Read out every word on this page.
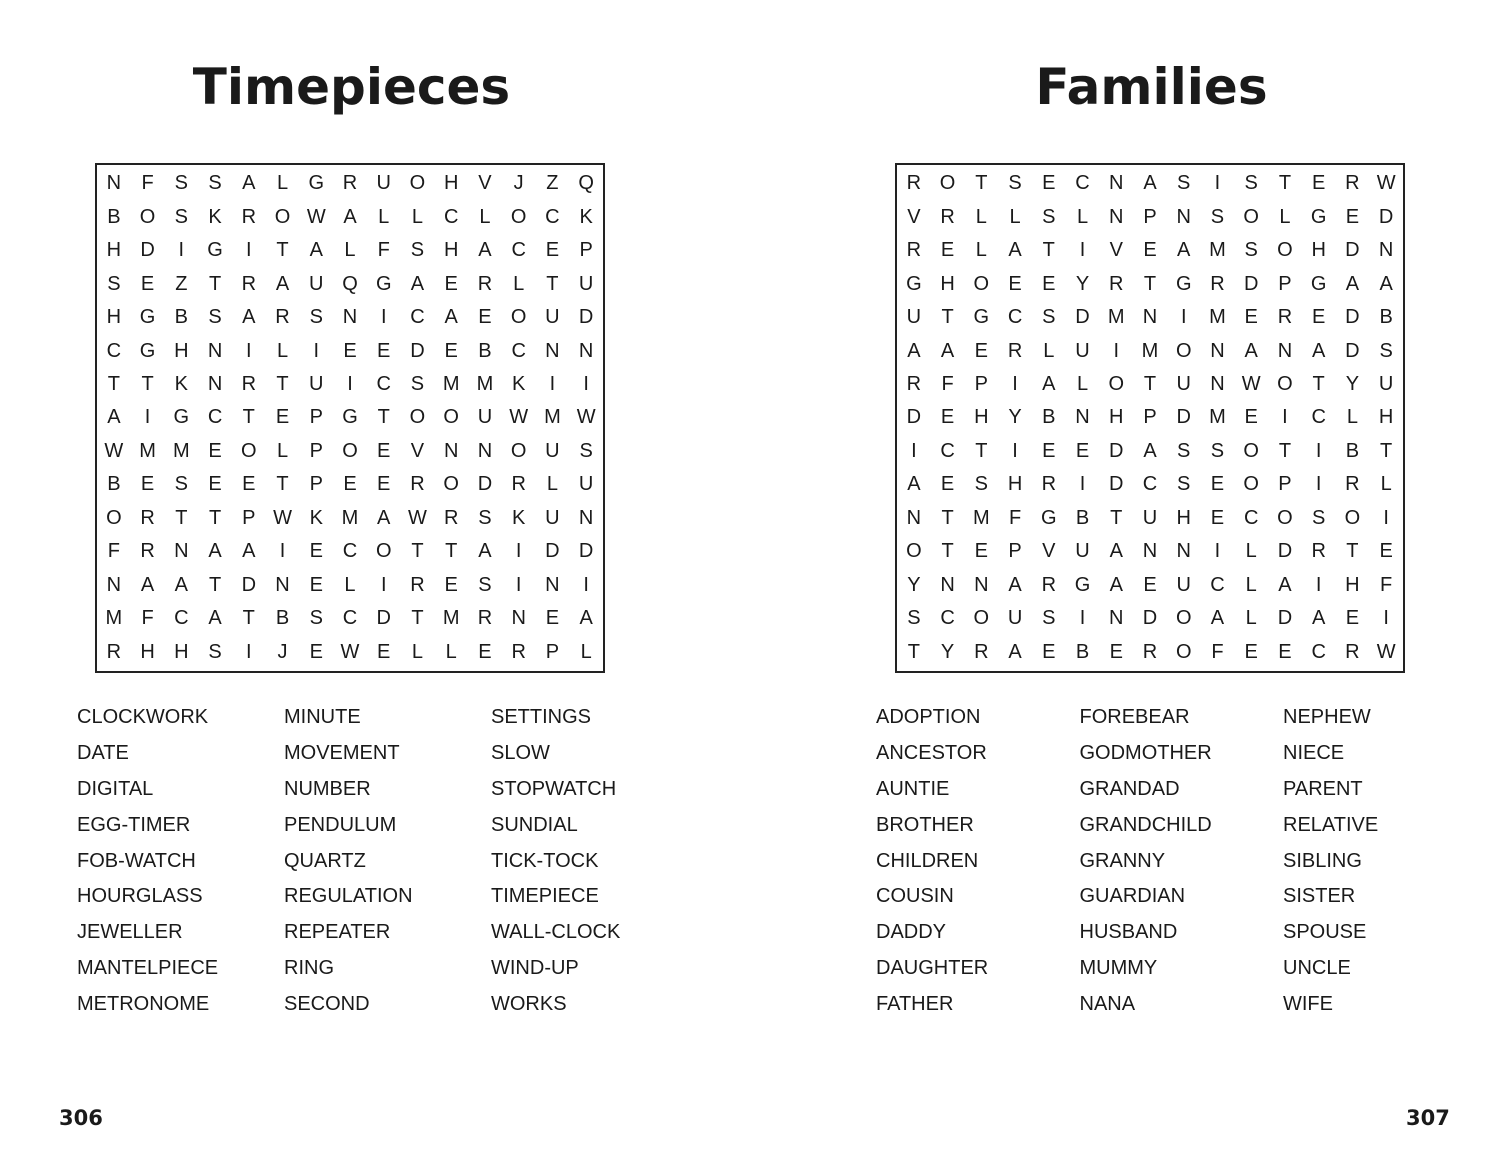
Timepieces
N	F	S	S	A	L	G R U O H V	J	Z Q
B O S	K R O W A	L	L	C	L	O C K
H D	I	G	I	T	A	L	F	S H A C E	P
S	E	Z	T	R A U Q G A	E R	L	T	U
H G B	S	A R S N	I	C A	E O U D
C G H N	I	L	I	E	E D E	B C N N
T	T	K N R	T	U	I	C S M M K	I	I
A	I	G C	T	E	P G T O O U W M W
W M M E O	L	P O E	V N N O U S
B	E	S	E	E	T	P	E	E R O D R	L	U
O R	T	T	P W K M A W R S	K U N
F	R N A	A	I	E C O T	T	A	I	D D
N A	A	T	D N E	L	I	R E	S	I	N	I
M F	C A	T	B	S C D	T M R N E	A
R H H S	I	J	E W E	L	L	E R P	L
CLOCKWORK
DATE
DIGITAL
EGG-TIMER
FOB-WATCH
HOURGLASS
JEWELLER
MANTELPIECE
METRONOME
MINUTE
MOVEMENT
NUMBER
PENDULUM
QUARTZ
REGULATION
REPEATER
RING
SECOND
SETTINGS
SLOW
STOPWATCH
SUNDIAL
TICK-TOCK
TIMEPIECE
WALL-CLOCK
WIND-UP
WORKS
306
Families
R O T	S	E C N A	S	I	S	T	E R W
V R	L	L	S	L	N P N S O	L	G E D
R E	L	A	T	I	V	E	A M S O H D N
G H O E	E	Y R	T G R D P G A	A
U	T G C S D M N	I	M E R E D B
A	A	E R	L	U	I	M O N A N A D S
R	F	P	I	A	L	O T	U N W O T	Y U
D E H Y	B N H P D M E	I	C	L	H
I	C	T	I	E	E D A	S	S O T	I	B	T
A	E	S H R	I	D C S	E O P	I	R	L
N	T M F G B	T	U H E C O S O	I
O T	E	P	V U A N N	I	L	D R	T	E
Y N N A R G A	E U C	L	A	I	H	F
S C O U S	I	N D O A	L	D A	E	I
T	Y R A	E	B	E R O F	E	E C R W
ADOPTION
ANCESTOR
AUNTIE
BROTHER
CHILDREN
COUSIN
DADDY
DAUGHTER
FATHER
FOREBEAR
GODMOTHER
GRANDAD
GRANDCHILD
GRANNY
GUARDIAN
HUSBAND
MUMMY
NANA
NEPHEW
NIECE
PARENT
RELATIVE
SIBLING
SISTER
SPOUSE
UNCLE
WIFE
307
